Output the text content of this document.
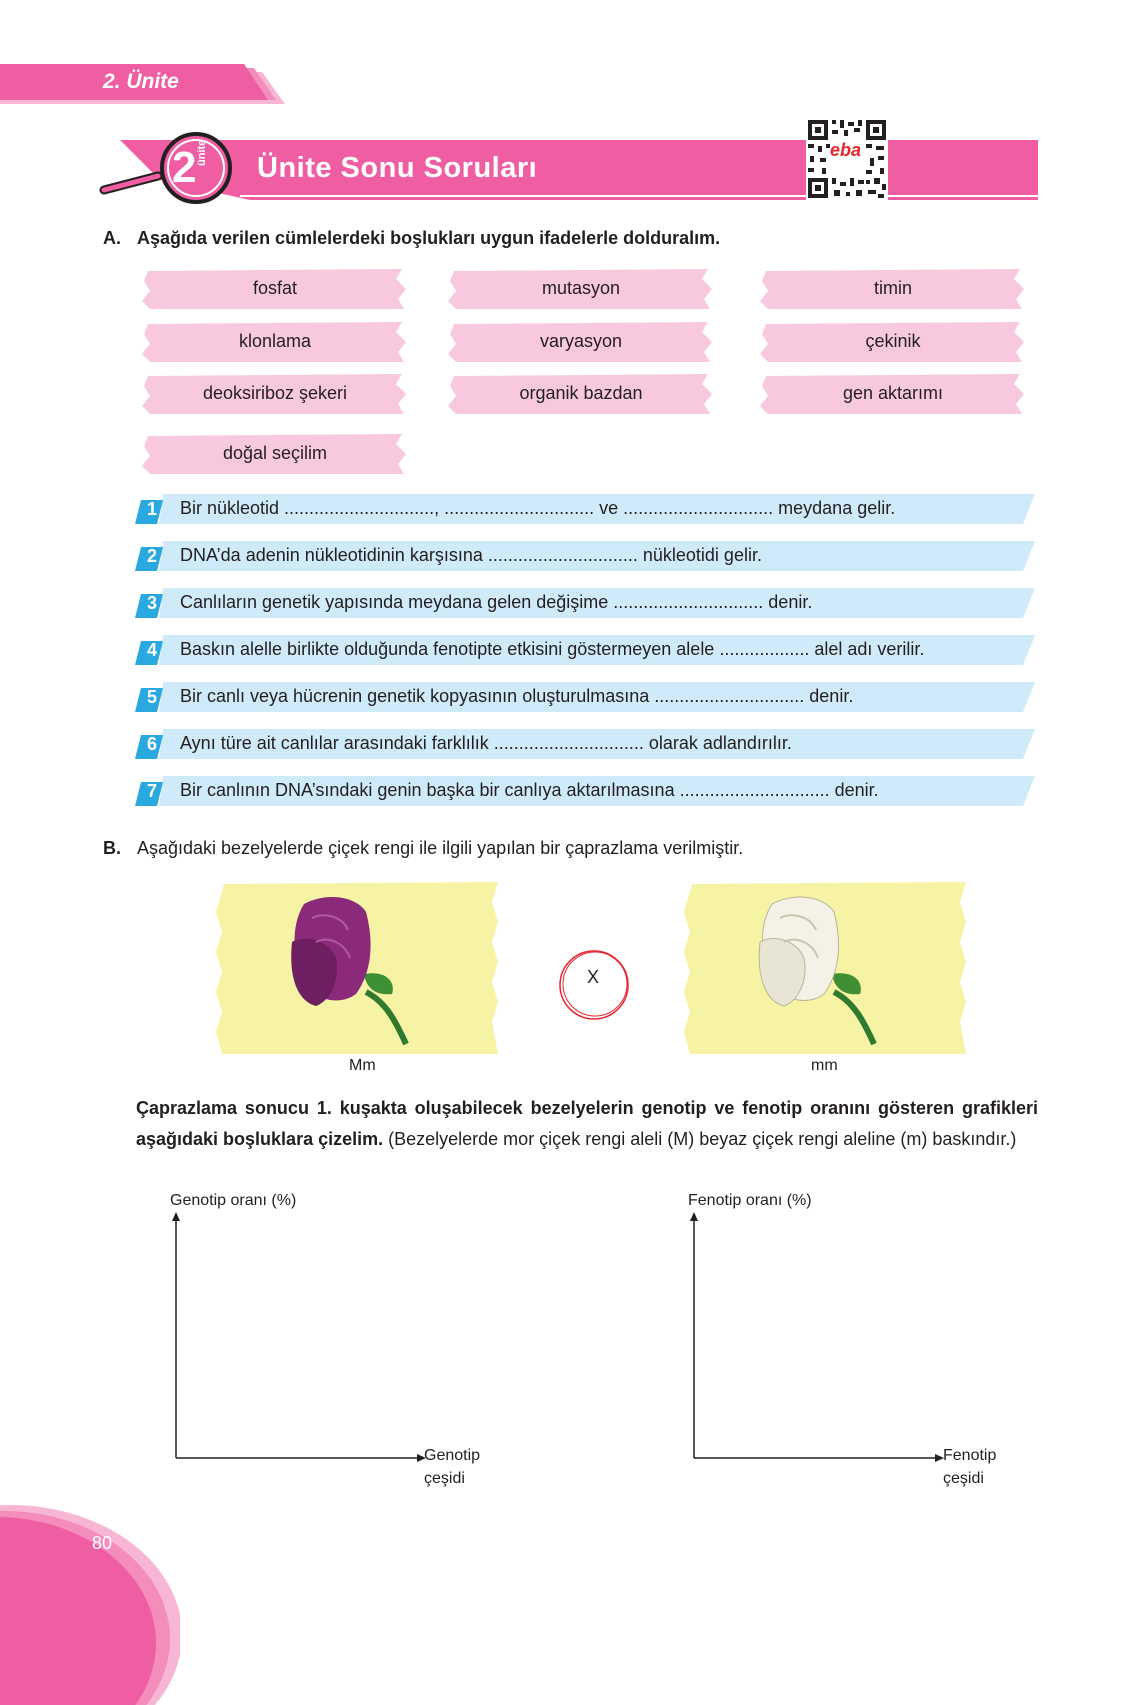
2. Ünite
2 ünite Ünite Sonu Soruları
eba
A. Aşağıda verilen cümlelerdeki boşlukları uygun ifadelerle dolduralım.
fosfat	mutasyon	timin
klonlama	varyasyon	çekinik
deoksiriboz şekeri	organik bazdan	gen aktarımı
doğal seçilim
1 Bir nükleotid .............................., .............................. ve .............................. meydana gelir.
2 DNA’da adenin nükleotidinin karşısına .............................. nükleotidi gelir.
3 Canlıların genetik yapısında meydana gelen değişime .............................. denir.
4 Baskın alelle birlikte olduğunda fenotipte etkisini göstermeyen alele .................. alel adı verilir.
5 Bir canlı veya hücrenin genetik kopyasının oluşturulmasına .............................. denir.
6 Aynı türe ait canlılar arasındaki farklılık .............................. olarak adlandırılır.
7 Bir canlının DNA’sındaki genin başka bir canlıya aktarılmasına .............................. denir.
B. Aşağıdaki bezelyelerde çiçek rengi ile ilgili yapılan bir çaprazlama verilmiştir.
Mm
X
mm
Çaprazlama sonucu 1. kuşakta oluşabilecek bezelyelerin genotip ve fenotip oranını gösteren grafikleri aşağıdaki boşluklara çizelim. (Bezelyelerde mor çiçek rengi aleli (M) beyaz çiçek rengi aleline (m) baskındır.)
Genotip oranı (%)
Genotip
çeşidi
Fenotip oranı (%)
Fenotip
çeşidi
80
